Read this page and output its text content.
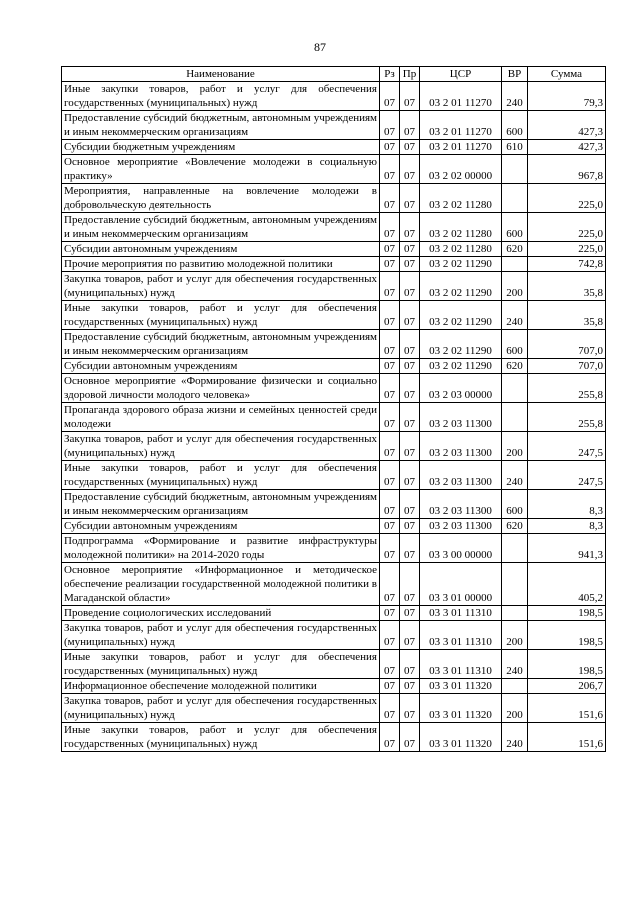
87
Наименование	Рз	Пр	ЦСР	ВР	Сумма
Иные закупки товаров, работ и услуг для обеспечения государственных (муниципальных) нужд	07	07	03 2 01 11270	240	79,3
Предоставление субсидий бюджетным, автономным учреждениям и иным некоммерческим организациям	07	07	03 2 01 11270	600	427,3
Субсидии бюджетным учреждениям	07	07	03 2 01 11270	610	427,3
Основное мероприятие «Вовлечение молодежи в социальную практику»	07	07	03 2 02 00000		967,8
Мероприятия, направленные на вовлечение молодежи в добровольческую деятельность	07	07	03 2 02 11280		225,0
Предоставление субсидий бюджетным, автономным учреждениям и иным некоммерческим организациям	07	07	03 2 02 11280	600	225,0
Субсидии автономным учреждениям	07	07	03 2 02 11280	620	225,0
Прочие мероприятия по развитию молодежной политики	07	07	03 2 02 11290		742,8
Закупка товаров, работ и услуг для обеспечения государственных (муниципальных) нужд	07	07	03 2 02 11290	200	35,8
Иные закупки товаров, работ и услуг для обеспечения государственных (муниципальных) нужд	07	07	03 2 02 11290	240	35,8
Предоставление субсидий бюджетным, автономным учреждениям и иным некоммерческим организациям	07	07	03 2 02 11290	600	707,0
Субсидии автономным учреждениям	07	07	03 2 02 11290	620	707,0
Основное мероприятие «Формирование физически и социально здоровой личности молодого человека»	07	07	03 2 03 00000		255,8
Пропаганда здорового образа жизни и семейных ценностей среди молодежи	07	07	03 2 03 11300		255,8
Закупка товаров, работ и услуг для обеспечения государственных (муниципальных) нужд	07	07	03 2 03 11300	200	247,5
Иные закупки товаров, работ и услуг для обеспечения государственных (муниципальных) нужд	07	07	03 2 03 11300	240	247,5
Предоставление субсидий бюджетным, автономным учреждениям и иным некоммерческим организациям	07	07	03 2 03 11300	600	8,3
Субсидии автономным учреждениям	07	07	03 2 03 11300	620	8,3
Подпрограмма «Формирование и развитие инфраструктуры молодежной политики» на 2014-2020 годы	07	07	03 3 00 00000		941,3
Основное мероприятие «Информационное и методическое обеспечение реализации государственной молодежной политики в Магаданской области»	07	07	03 3 01 00000		405,2
Проведение социологических исследований	07	07	03 3 01 11310		198,5
Закупка товаров, работ и услуг для обеспечения государственных (муниципальных) нужд	07	07	03 3 01 11310	200	198,5
Иные закупки товаров, работ и услуг для обеспечения государственных (муниципальных) нужд	07	07	03 3 01 11310	240	198,5
Информационное обеспечение молодежной политики	07	07	03 3 01 11320		206,7
Закупка товаров, работ и услуг для обеспечения государственных (муниципальных) нужд	07	07	03 3 01 11320	200	151,6
Иные закупки товаров, работ и услуг для обеспечения государственных (муниципальных) нужд	07	07	03 3 01 11320	240	151,6
